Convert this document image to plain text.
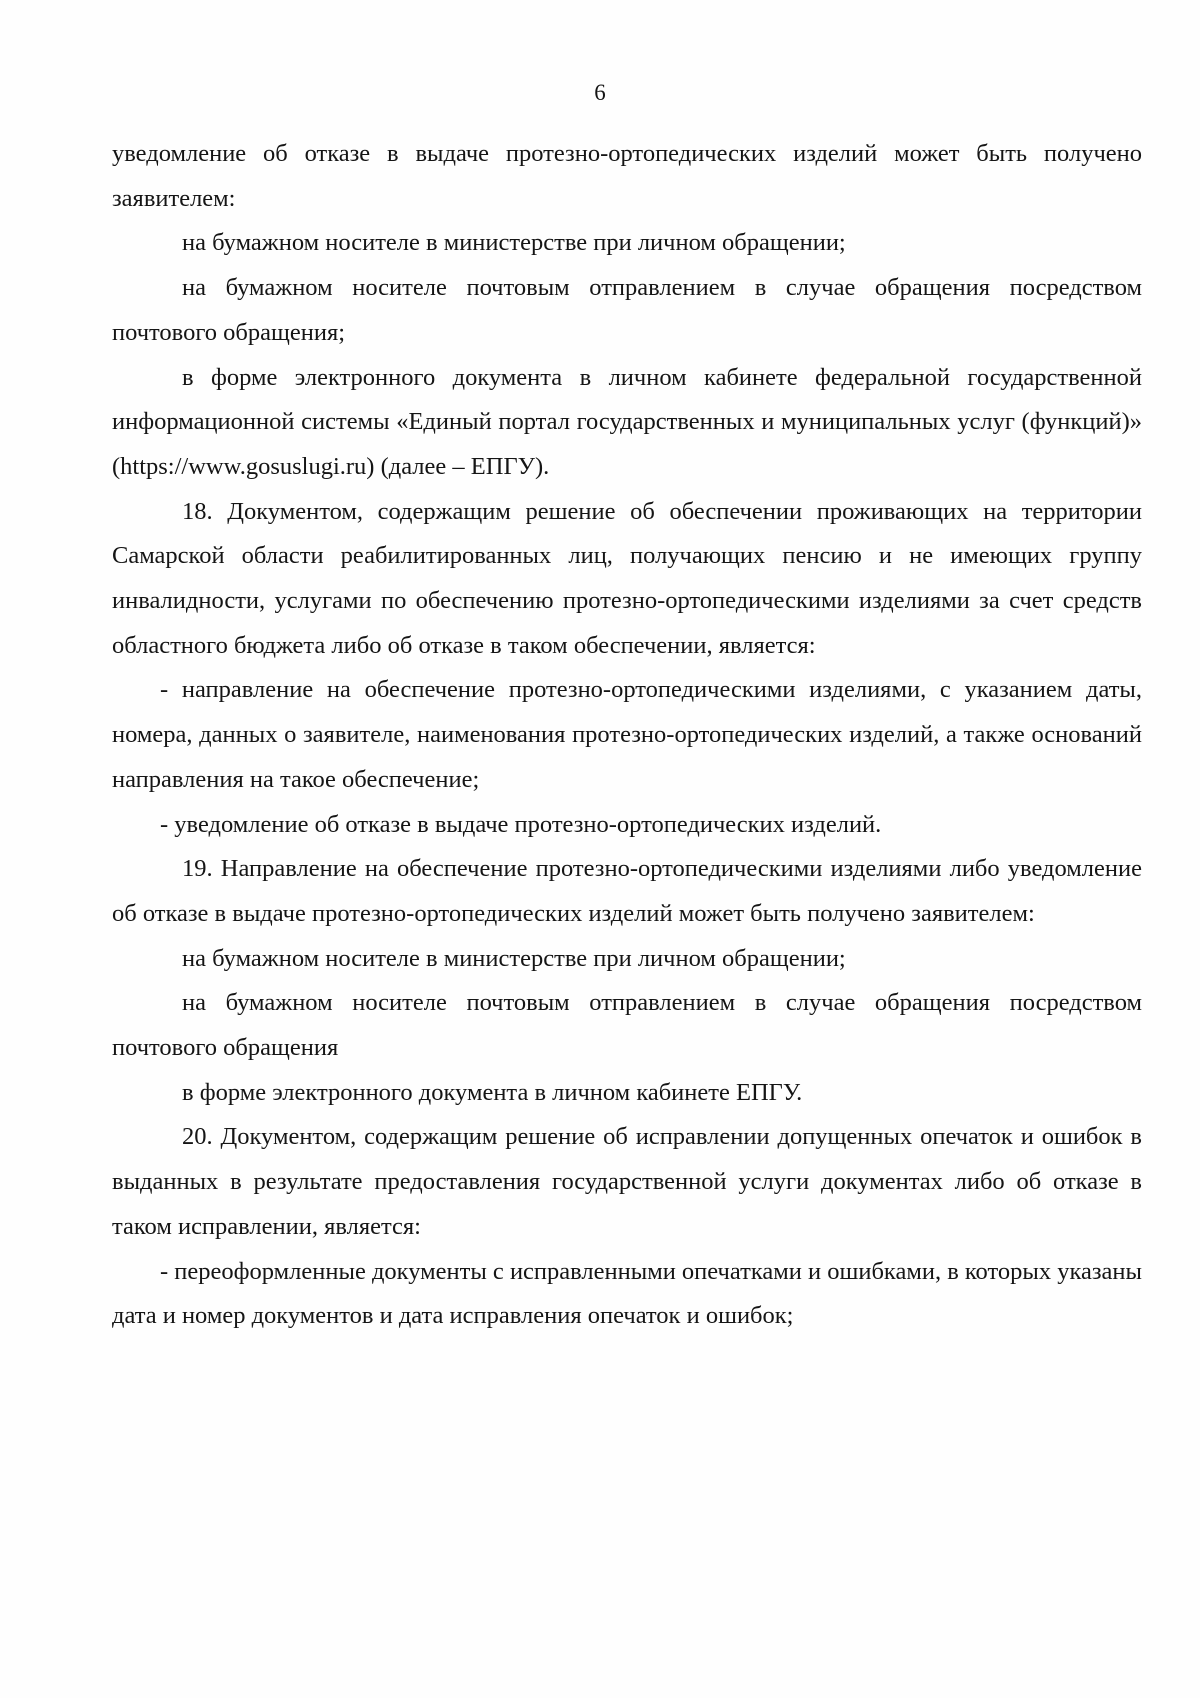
6

уведомление об отказе в выдаче протезно-ортопедических изделий может быть получено заявителем:

на бумажном носителе в министерстве при личном обращении;

на бумажном носителе почтовым отправлением в случае обращения посредством почтового обращения;

в форме электронного документа в личном кабинете федеральной государственной информационной системы «Единый портал государственных и муниципальных услуг (функций)» (https://www.gosuslugi.ru) (далее – ЕПГУ).

18. Документом, содержащим решение об обеспечении проживающих на территории Самарской области реабилитированных лиц, получающих пенсию и не имеющих группу инвалидности, услугами по обеспечению протезно-ортопедическими изделиями за счет средств областного бюджета либо об отказе в таком обеспечении, является:

- направление на обеспечение протезно-ортопедическими изделиями, с указанием даты, номера, данных о заявителе, наименования протезно-ортопедических изделий, а также оснований направления на такое обеспечение;

- уведомление об отказе в выдаче протезно-ортопедических изделий.

19. Направление на обеспечение протезно-ортопедическими изделиями либо уведомление об отказе в выдаче протезно-ортопедических изделий может быть получено заявителем:

на бумажном носителе в министерстве при личном обращении;

на бумажном носителе почтовым отправлением в случае обращения посредством почтового обращения

в форме электронного документа в личном кабинете ЕПГУ.

20. Документом, содержащим решение об исправлении допущенных опечаток и ошибок в выданных в результате предоставления государственной услуги документах либо об отказе в таком исправлении, является:

- переоформленные документы с исправленными опечатками и ошибками, в которых указаны дата и номер документов и дата исправления опечаток и ошибок;
